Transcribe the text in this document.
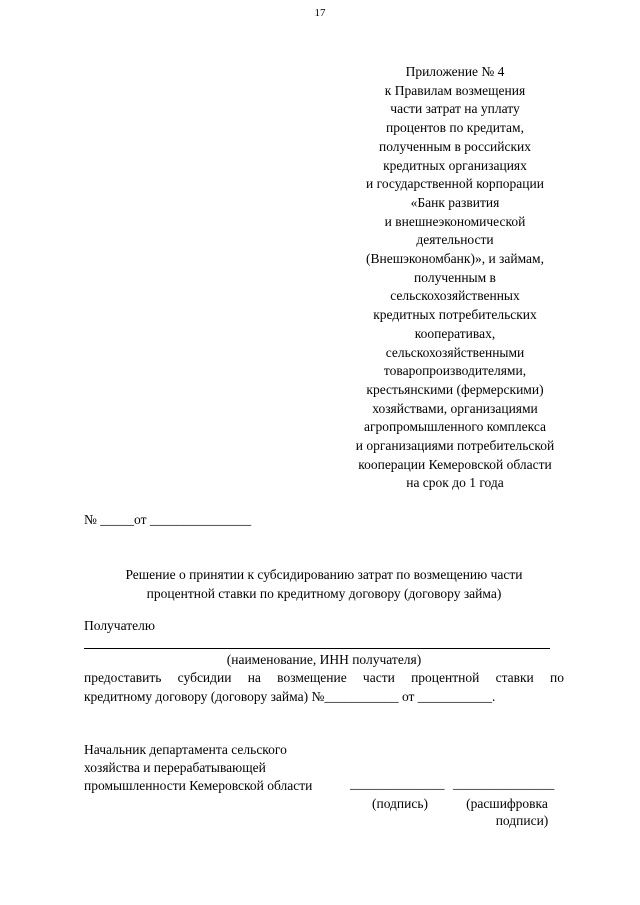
17
Приложение № 4
к Правилам возмещения
части затрат на уплату
процентов по кредитам,
полученным в российских
кредитных организациях
и государственной корпорации
«Банк развития
и внешнеэкономической
деятельности
(Внешэкономбанк)», и займам,
полученным в
сельскохозяйственных
кредитных потребительских
кооперативах,
сельскохозяйственными
товаропроизводителями,
крестьянскими (фермерскими)
хозяйствами, организациями
агропромышленного комплекса
и организациями потребительской
кооперации Кемеровской области
на срок до 1 года
№ _____от _______________
Решение о принятии к субсидированию затрат по возмещению части
процентной ставки по кредитному договору (договору займа)
Получателю
(наименование, ИНН получателя)
предоставить субсидии на возмещение части процентной ставки по
кредитному договору (договору займа) №___________ от ___________.
Начальник департамента сельского
хозяйства и перерабатывающей
промышленности Кемеровской области	______________ _______________
(подпись)	(расшифровка
подписи)
